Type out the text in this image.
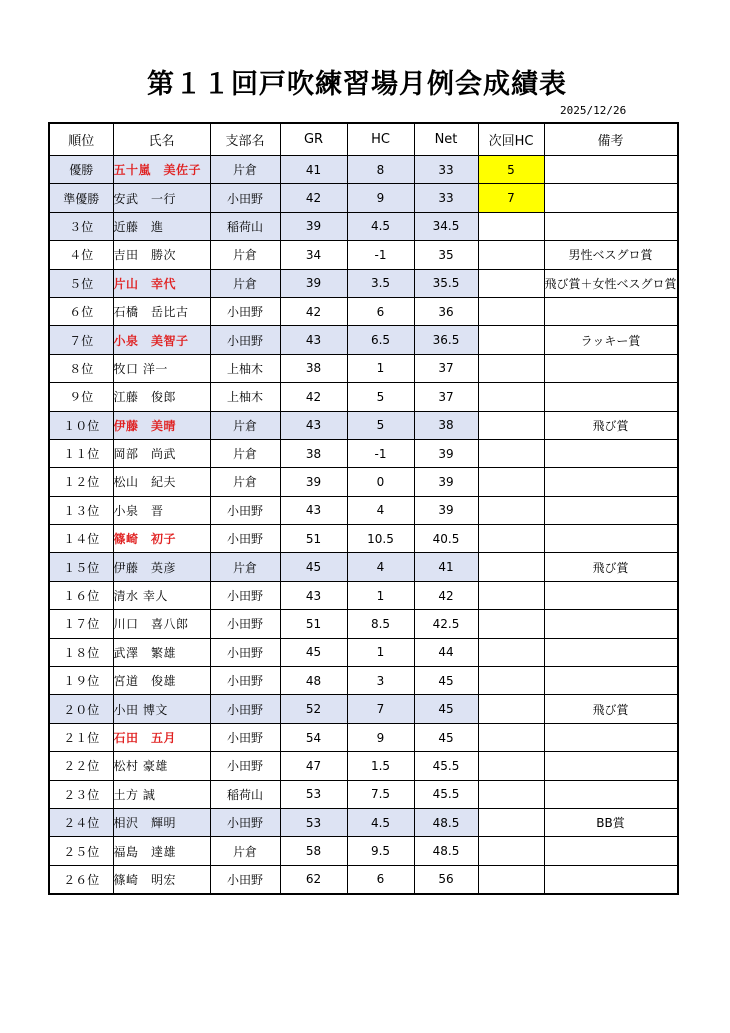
第１１回戸吹練習場月例会成績表
2025/12/26
順位	氏名	支部名	GR	HC	Net	次回HC	備考
優勝	五十嵐　美佐子	片倉	41	8	33	5	
準優勝	安武　一行	小田野	42	9	33	7	
３位	近藤　進	稲荷山	39	4.5	34.5		
４位	吉田　勝次	片倉	34	-1	35		男性ベスグロ賞
５位	片山　幸代	片倉	39	3.5	35.5		飛び賞＋女性ベスグロ賞
６位	石橋　岳比古	小田野	42	6	36		
７位	小泉　美智子	小田野	43	6.5	36.5		ラッキー賞
８位	牧口 洋一	上柚木	38	1	37		
９位	江藤　俊郎	上柚木	42	5	37		
１０位	伊藤　美晴	片倉	43	5	38		飛び賞
１１位	岡部　尚武	片倉	38	-1	39		
１２位	松山　紀夫	片倉	39	0	39		
１３位	小泉　晋	小田野	43	4	39		
１４位	篠崎　初子	小田野	51	10.5	40.5		
１５位	伊藤　英彦	片倉	45	4	41		飛び賞
１６位	清水 幸人	小田野	43	1	42		
１７位	川口　喜八郎	小田野	51	8.5	42.5		
１８位	武澤　繁雄	小田野	45	1	44		
１９位	宮道　俊雄	小田野	48	3	45		
２０位	小田 博文	小田野	52	7	45		飛び賞
２１位	石田　五月	小田野	54	9	45		
２２位	松村 豪雄	小田野	47	1.5	45.5		
２３位	土方 誠	稲荷山	53	7.5	45.5		
２４位	相沢　輝明	小田野	53	4.5	48.5		BB賞
２５位	福島　達雄	片倉	58	9.5	48.5		
２６位	篠崎　明宏	小田野	62	6	56		
